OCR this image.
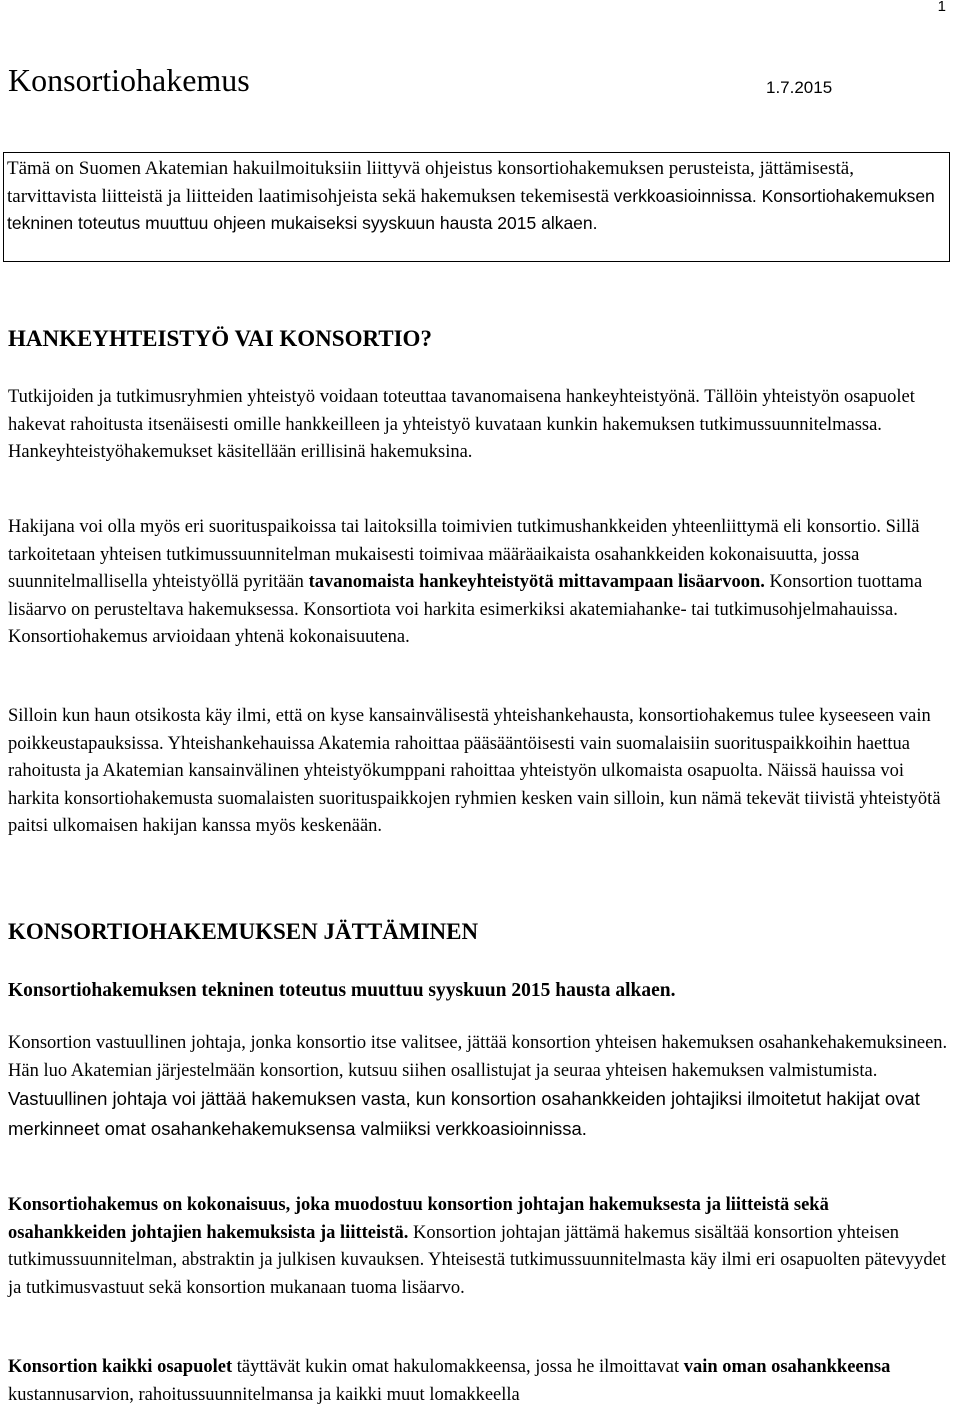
1
Konsortiohakemus	1.7.2015
Tämä on Suomen Akatemian hakuilmoituksiin liittyvä ohjeistus konsortiohakemuksen perusteista, jättämisestä, tarvittavista liitteistä ja liitteiden laatimisohjeista sekä hakemuksen tekemisestä verkkoasioinnissa. Konsortiohakemuksen tekninen toteutus muuttuu ohjeen mukaiseksi syyskuun hausta 2015 alkaen.
HANKEYHTEISTYÖ VAI KONSORTIO?
Tutkijoiden ja tutkimusryhmien yhteistyö voidaan toteuttaa tavanomaisena hankeyhteistyönä. Tällöin yhteistyön osapuolet hakevat rahoitusta itsenäisesti omille hankkeilleen ja yhteistyö kuvataan kunkin hakemuksen tutkimussuunnitelmassa. Hankeyhteistyöhakemukset käsitellään erillisinä hakemuksina.
Hakijana voi olla myös eri suorituspaikoissa tai laitoksilla toimivien tutkimushankkeiden yhteenliittymä eli konsortio. Sillä tarkoitetaan yhteisen tutkimussuunnitelman mukaisesti toimivaa määräaikaista osahankkeiden kokonaisuutta, jossa suunnitelmallisella yhteistyöllä pyritään tavanomaista hankeyhteistyötä mittavampaan lisäarvoon. Konsortion tuottama lisäarvo on perusteltava hakemuksessa. Konsortiota voi harkita esimerkiksi akatemiahanke- tai tutkimusohjelmahauissa. Konsortiohakemus arvioidaan yhtenä kokonaisuutena.
Silloin kun haun otsikosta käy ilmi, että on kyse kansainvälisestä yhteishankehausta, konsortiohakemus tulee kyseeseen vain poikkeustapauksissa. Yhteishankehauissa Akatemia rahoittaa pääsääntöisesti vain suomalaisiin suorituspaikkoihin haettua rahoitusta ja Akatemian kansainvälinen yhteistyökumppani rahoittaa yhteistyön ulkomaista osapuolta. Näissä hauissa voi harkita konsortiohakemusta suomalaisten suorituspaikkojen ryhmien kesken vain silloin, kun nämä tekevät tiivistä yhteistyötä paitsi ulkomaisen hakijan kanssa myös keskenään.
KONSORTIOHAKEMUKSEN JÄTTÄMINEN
Konsortiohakemuksen tekninen toteutus muuttuu syyskuun 2015 hausta alkaen.
Konsortion vastuullinen johtaja, jonka konsortio itse valitsee, jättää konsortion yhteisen hakemuksen osahankehakemuksineen. Hän luo Akatemian järjestelmään konsortion, kutsuu siihen osallistujat ja seuraa yhteisen hakemuksen valmistumista. Vastuullinen johtaja voi jättää hakemuksen vasta, kun konsortion osahankkeiden johtajiksi ilmoitetut hakijat ovat merkinneet omat osahankehakemuksensa valmiiksi verkkoasioinnissa.
Konsortiohakemus on kokonaisuus, joka muodostuu konsortion johtajan hakemuksesta ja liitteistä sekä osahankkeiden johtajien hakemuksista ja liitteistä. Konsortion johtajan jättämä hakemus sisältää konsortion yhteisen tutkimussuunnitelman, abstraktin ja julkisen kuvauksen. Yhteisestä tutkimussuunnitelmasta käy ilmi eri osapuolten pätevyydet ja tutkimusvastuut sekä konsortion mukanaan tuoma lisäarvo.
Konsortion kaikki osapuolet täyttävät kukin omat hakulomakkeensa, jossa he ilmoittavat vain oman osahankkeensa kustannusarvion, rahoitussuunnitelmansa ja kaikki muut lomakkeella
